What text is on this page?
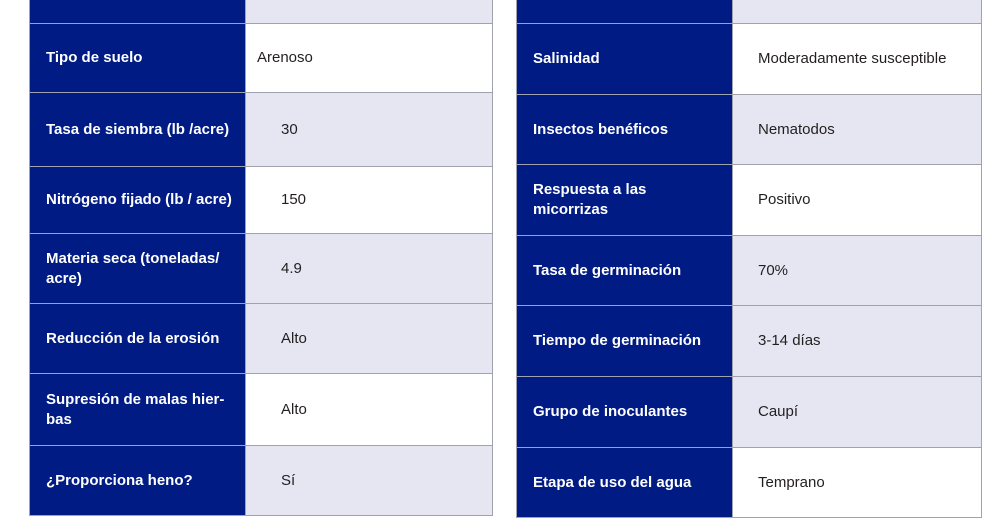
Tipo de suelo	Arenoso
Tasa de siembra (lb /acre)	30
Nitrógeno fijado (lb / acre)	150
Materia seca (toneladas/ acre)	4.9
Reducción de la erosión	Alto
Supresión de malas hier- bas	Alto
¿Proporciona heno?	Sí

Salinidad	Moderadamente susceptible
Insectos benéficos	Nematodos
Respuesta a las micorrizas	Positivo
Tasa de germinación	70%
Tiempo de germinación	3-14 días
Grupo de inoculantes	Caupí
Etapa de uso del agua	Temprano
